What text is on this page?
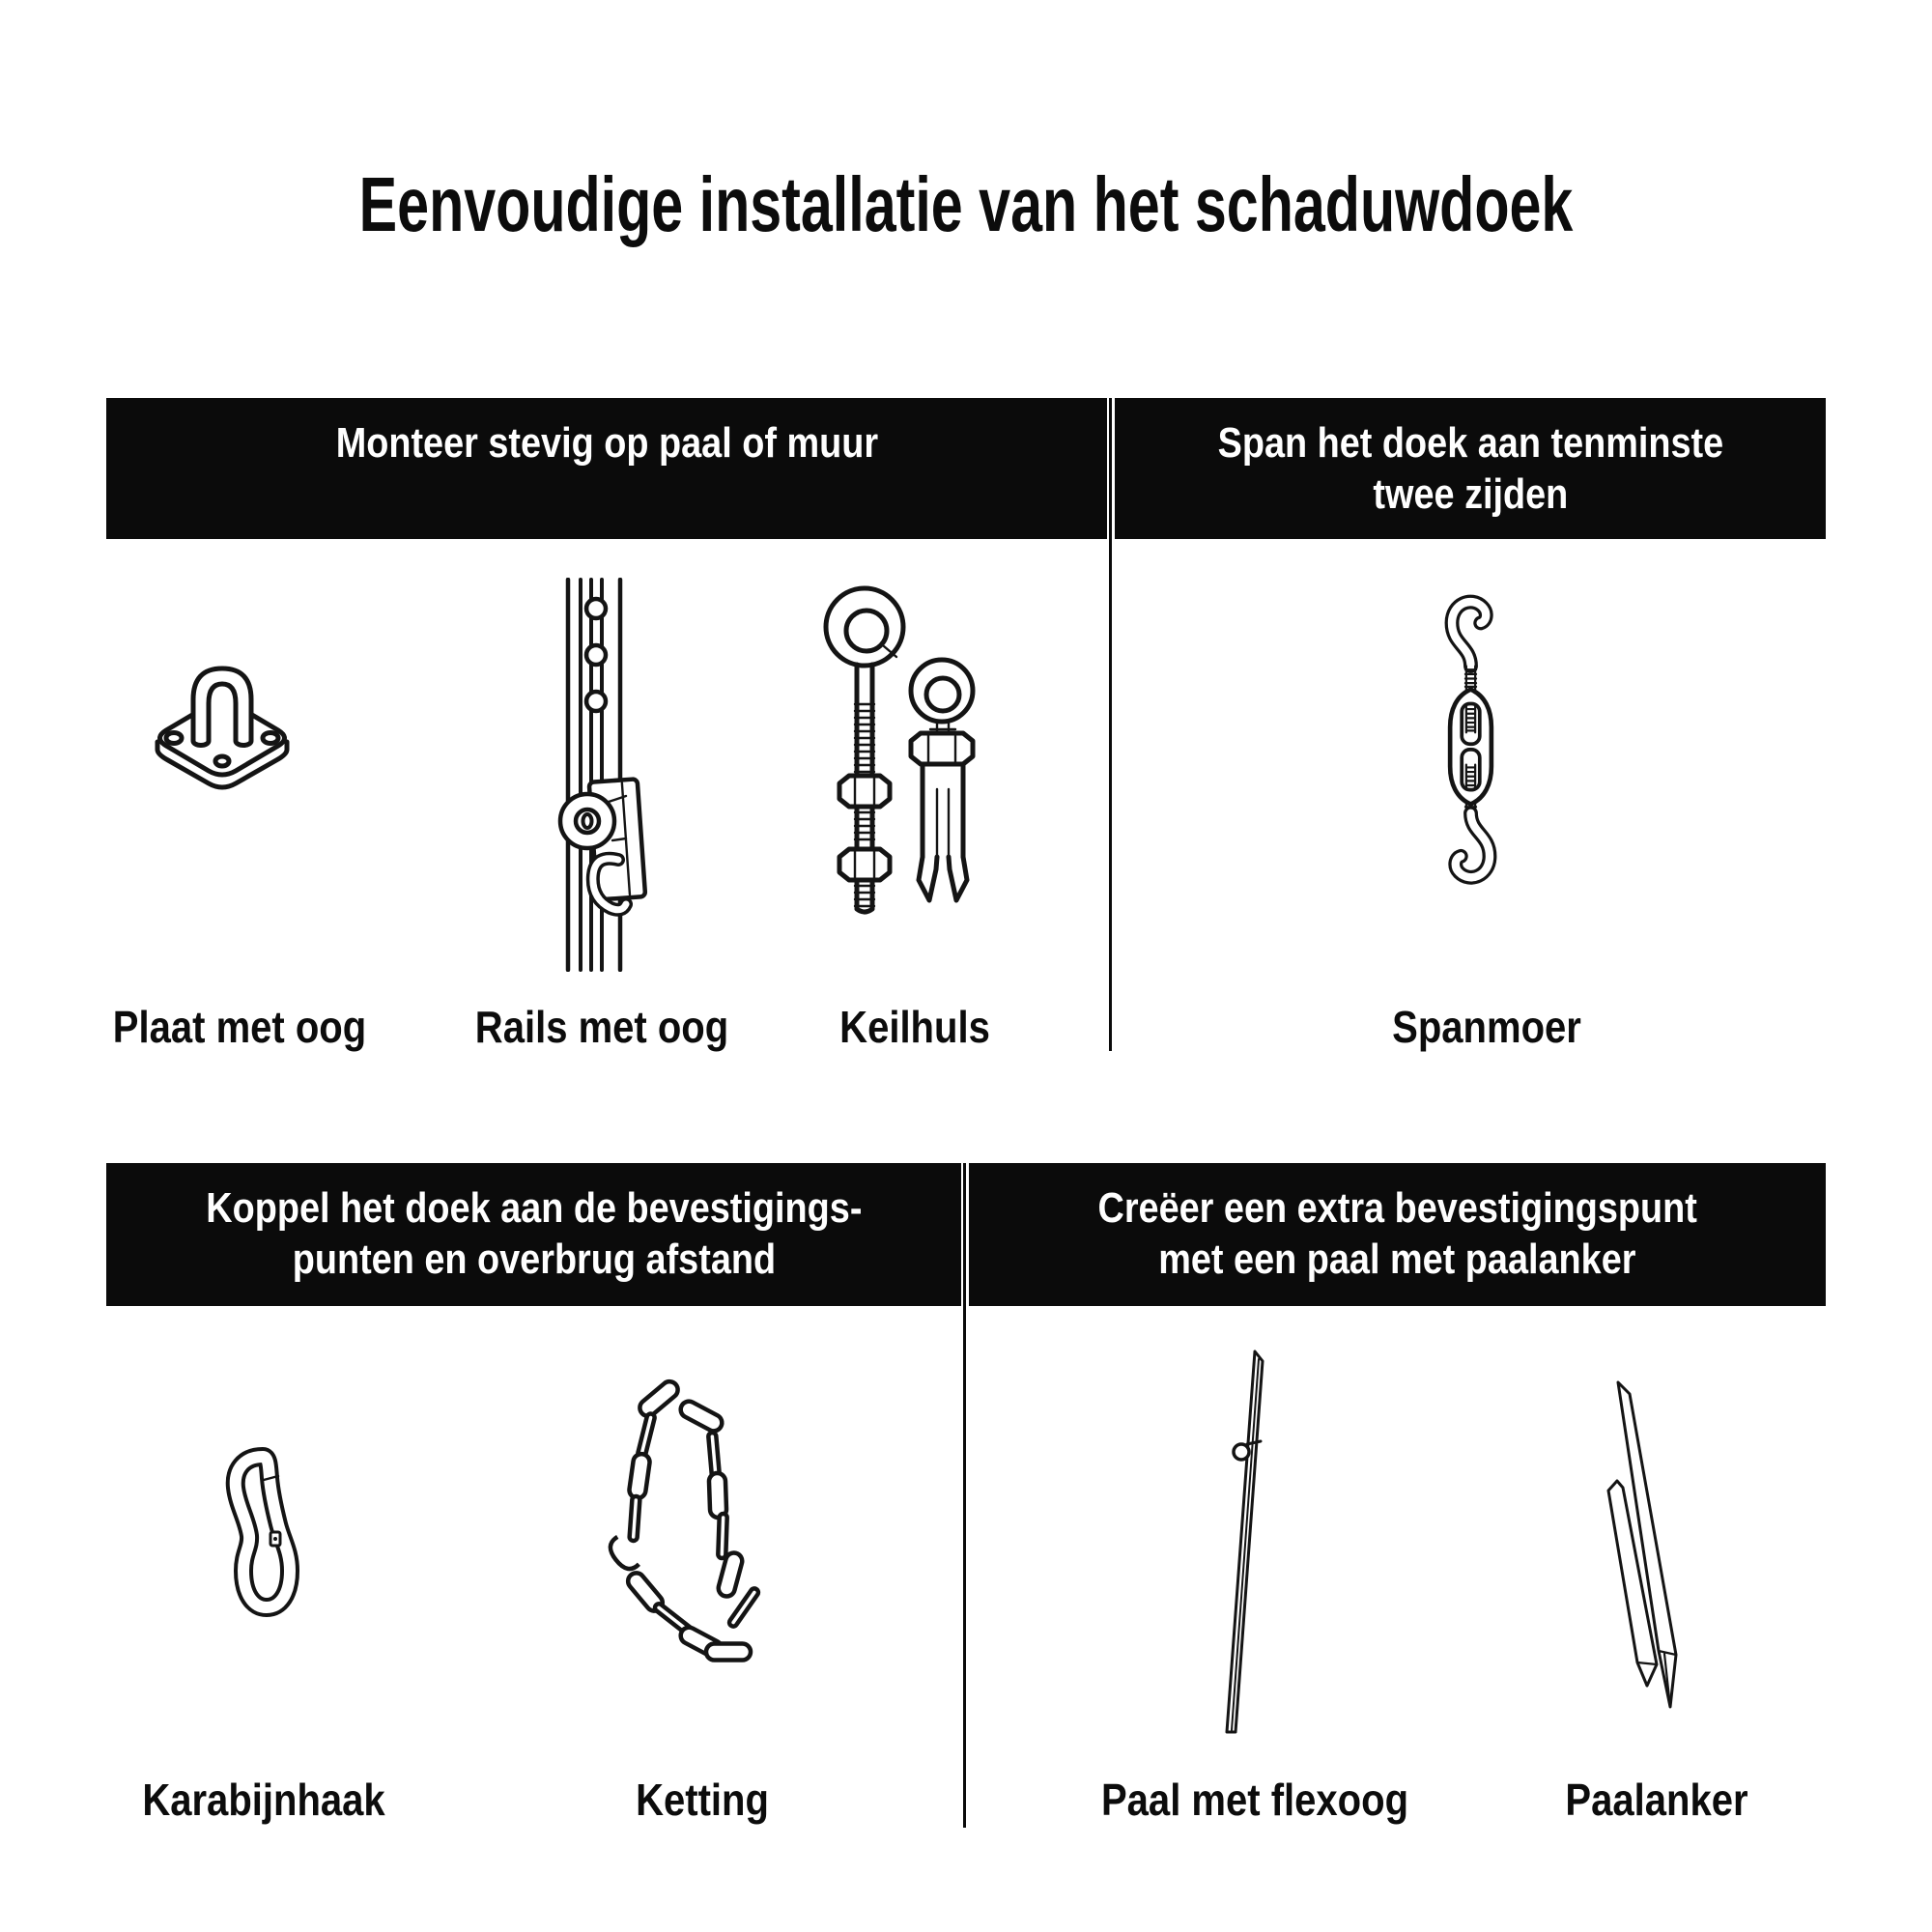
Eenvoudige installatie van het schaduwdoek
Monteer stevig op paal of muur	Span het doek aan tenminste
twee zijden
Koppel het doek aan de bevestigings-
punten en overbrug afstand
Creëer een extra bevestigingspunt
met een paal met paalanker
Plaat met oog	Rails met oog	Keilhuls	Spanmoer
Karabijnhaak	Ketting	Paal met flexoog	Paalanker
